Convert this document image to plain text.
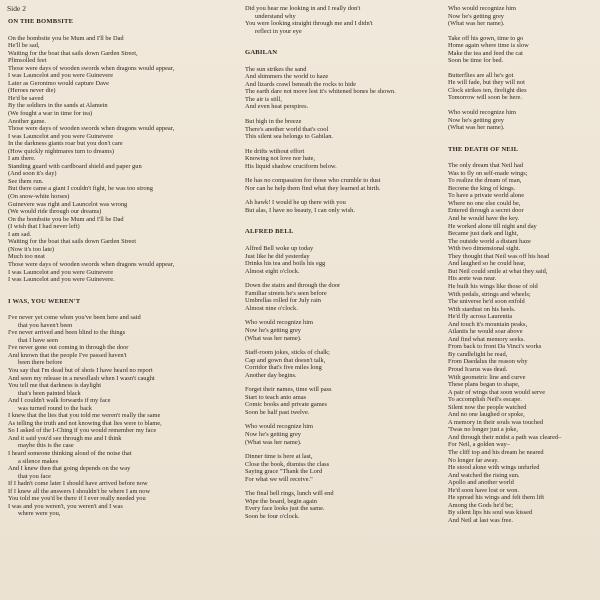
Side 2
ON THE BOMBSITE
On the bombsite you be Mum and I'll be Dad
He'll be sad,
Waiting for the boat that sails down Garden Street,
Plimsolled feet
Those were days of wooden swords when dragons would appear,
I was Launcelot and you were Guinevere
Later as Geronimo would capture Dave
(Heroes never die)
He'd be saved
By the soldiers in the sands at Alamein
(We fought a war in time for tea)
Another game.
Those were days of wooden swords when dragons would appear,
I was Launcelot and you were Guinevere
In the darkness giants roar but you don't care
(How quickly nightmares turn to dreams)
I am there.
Standing guard with cardboard shield and paper gun
(And soon it's day)
See them run.
But there came a giant I couldn't fight, he was too strong
(On snow-white horses)
Guinevere was right and Launcelot was wrong
(We would ride through our dreams)
On the bombsite you be Mum and I'll be Dad
(I wish that I had never left)
I am sad.
Waiting for the boat that sails down Garden Street
(Now it's too late)
Much too neat
Those were days of wooden swords when dragons would appear,
I was Launcelot and you were Guinevere
I was Launcelot and you were Guinevere.
I WAS, YOU WEREN'T
I've never yet come when you've been here and said
that you haven't been
I've never arrived and been blind to the things
that I have seen
I've never gone out coming in through the door
And known that the people I've passed haven't
been there before
You say that I'm dead but of shots I have heard no report
And seen my release in a newsflash when I wasn't caught
You tell me that darkness is daylight
that's been painted black
And I couldn't walk forwards if my face
was turned round to the back
I knew that the lies that you told me weren't really the same
As telling the truth and not knowing that lies were to blame,
So I asked of the I-Ching if you would remember my face
And it said you'd see through me and I think
maybe this is the case
I heard someone thinking aloud of the noise that
a silence makes
And I knew then that going depends on the way
that you face
If I hadn't come later I should have arrived before now
If I knew all the answers I shouldn't be where I am now
You told me you'd be there if I ever really needed you
I was and you weren't, you weren't and I was
where were you,
Did you hear me looking in and I really don't
understand why
You were looking straight through me and I didn't
reflect in your eye
GABILAN
The sun strikes the sand
And shimmers the world to haze
And lizards crawl beneath the rocks to hide
The earth dare not move lest it's whitened bones be shown.
The air is still,
And even heat perspires.
But high in the breeze
There's another world that's cool
This silent sea belongs to Gabilan.
He drifts without effort
Knowing not love nor hate,
His liquid shadow cruciform below.
He has no compassion for those who crumble to dust
Nor can he help them find what they learned at birth.
Ah hawk! I would he up there with you
But alas, I have no beauty, I can only wish.
ALFRED BELL
Alfred Bell woke up today
Just like he did yesterday
Drinks his tea and boils his egg
Almost eight o'clock.
Down the stairs and through the door
Familiar streets he's seen before
Umbrellas rolled for July rain
Almost nine o'clock.
Who would recognize him
Now he's getting grey
(What was her name).
Staff-room jokes, sticks of chalk;
Cap and gown that doesn't talk,
Corridor that's five miles long
Another day begins.
Forget their names, time will pass
Start to teach anto amas
Comic books and private games
Soon be half past twelve.
Who would recognize him
Now he's getting grey
(What was her name).
Dinner time is here at last,
Close the book, dismiss the class
Saying grace "Thank the Lord
For what we will receive."
The final bell rings, lunch will end
Wipe the board, begin again
Every face looks just the same.
Soon be four o'clock.
Who would recognize him
Now he's getting grey
(What was her name).
Take off his gown, time to go
Home again where time is slow
Make the tea and feed the cat
Soon be time for bed.
Butterflies are all he's got
He will fade, but they will not
Clock strikes ten, firelight dies
Tomorrow will soon be here.
Who would recognize him
Now he's getting grey
(What was her name).
THE DEATH OF NEIL
The only dream that Neil had
Was to fly on self-made wings;
To realize the dream of man,
Become the king of kings.
To have a private world alone
Where no one else could be,
Entered through a secret door
And he would have the key.
He worked alone till night and day
Became just dark and light,
The outside world a distant haze
With two dimensional sight.
They thought that Neil was off his head
And laughed so he could hear,
But Neil could smile at what they said,
His arete was near.
He built his wings like those of old
With pedals, strings and wheels;
The universe he'd soon enfold
With stardust on his heels.
He'd fly across Laurentia
And touch it's mountain peaks,
Atlantis he would soar above
And find what memory seeks.
From back to front Da Vinci's works
By candlelight he read,
From Daedalus the reason why
Proud Icarus was dead.
With geometric line and curve
These plans began to shape,
A pair of wings that soon would serve
To accomplish Neil's escape.
Silent now the people watched
And no one laughed or spoke,
A memory in their souls was touched
'Twas no longer just a joke,
And through their midst a path was cleared–
For Neil, a golden way–
The cliff top and his dream he neared
No longer far away.
He stood alone with wings unfurled
And watched the rising sun.
Apollo and another world
He'd soon have lost or won.
He spread his wings and felt them lift
Among the Gods he'd be;
By silent lips his soul was kissed
And Neil at last was free.
